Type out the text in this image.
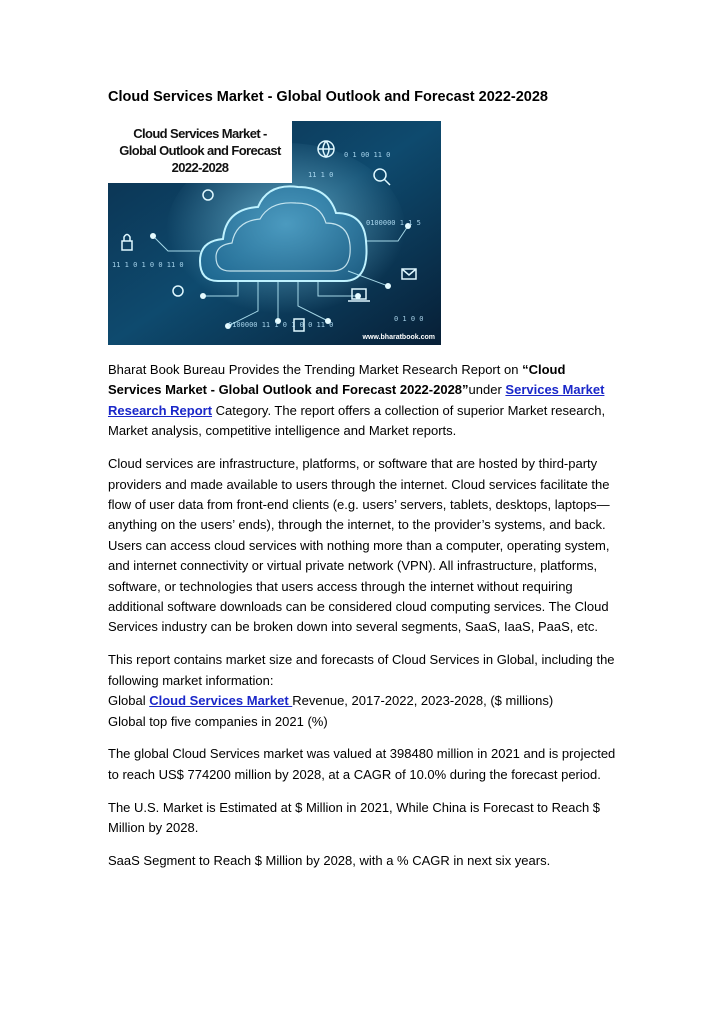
Cloud Services Market - Global Outlook and Forecast 2022-2028
0 1 00 11 0
11 1 0
0100000 1 1 5
11 1 0 1 0 0 11 0
0100000 11 1 0 1 0 0 11 0
0 1 0 0
Cloud Services Market -
Global Outlook and Forecast
2022-2028
www.bharatbook.com

Bharat Book Bureau Provides the Trending Market Research Report on “Cloud Services Market - Global Outlook and Forecast 2022-2028”under Services Market Research Report Category. The report offers a collection of superior Market research, Market analysis, competitive intelligence and Market reports.

Cloud services are infrastructure, platforms, or software that are hosted by third-party providers and made available to users through the internet. Cloud services facilitate the flow of user data from front-end clients (e.g. users’ servers, tablets, desktops, laptops—anything on the users’ ends), through the internet, to the provider’s systems, and back. Users can access cloud services with nothing more than a computer, operating system, and internet connectivity or virtual private network (VPN). All infrastructure, platforms, software, or technologies that users access through the internet without requiring additional software downloads can be considered cloud computing services. The Cloud Services industry can be broken down into several segments, SaaS, IaaS, PaaS, etc.

This report contains market size and forecasts of Cloud Services in Global, including the following market information:
Global Cloud Services Market Revenue, 2017-2022, 2023-2028, ($ millions)
Global top five companies in 2021 (%)

The global Cloud Services market was valued at 398480 million in 2021 and is projected to reach US$ 774200 million by 2028, at a CAGR of 10.0% during the forecast period.

The U.S. Market is Estimated at $ Million in 2021, While China is Forecast to Reach $ Million by 2028.

SaaS Segment to Reach $ Million by 2028, with a % CAGR in next six years.
